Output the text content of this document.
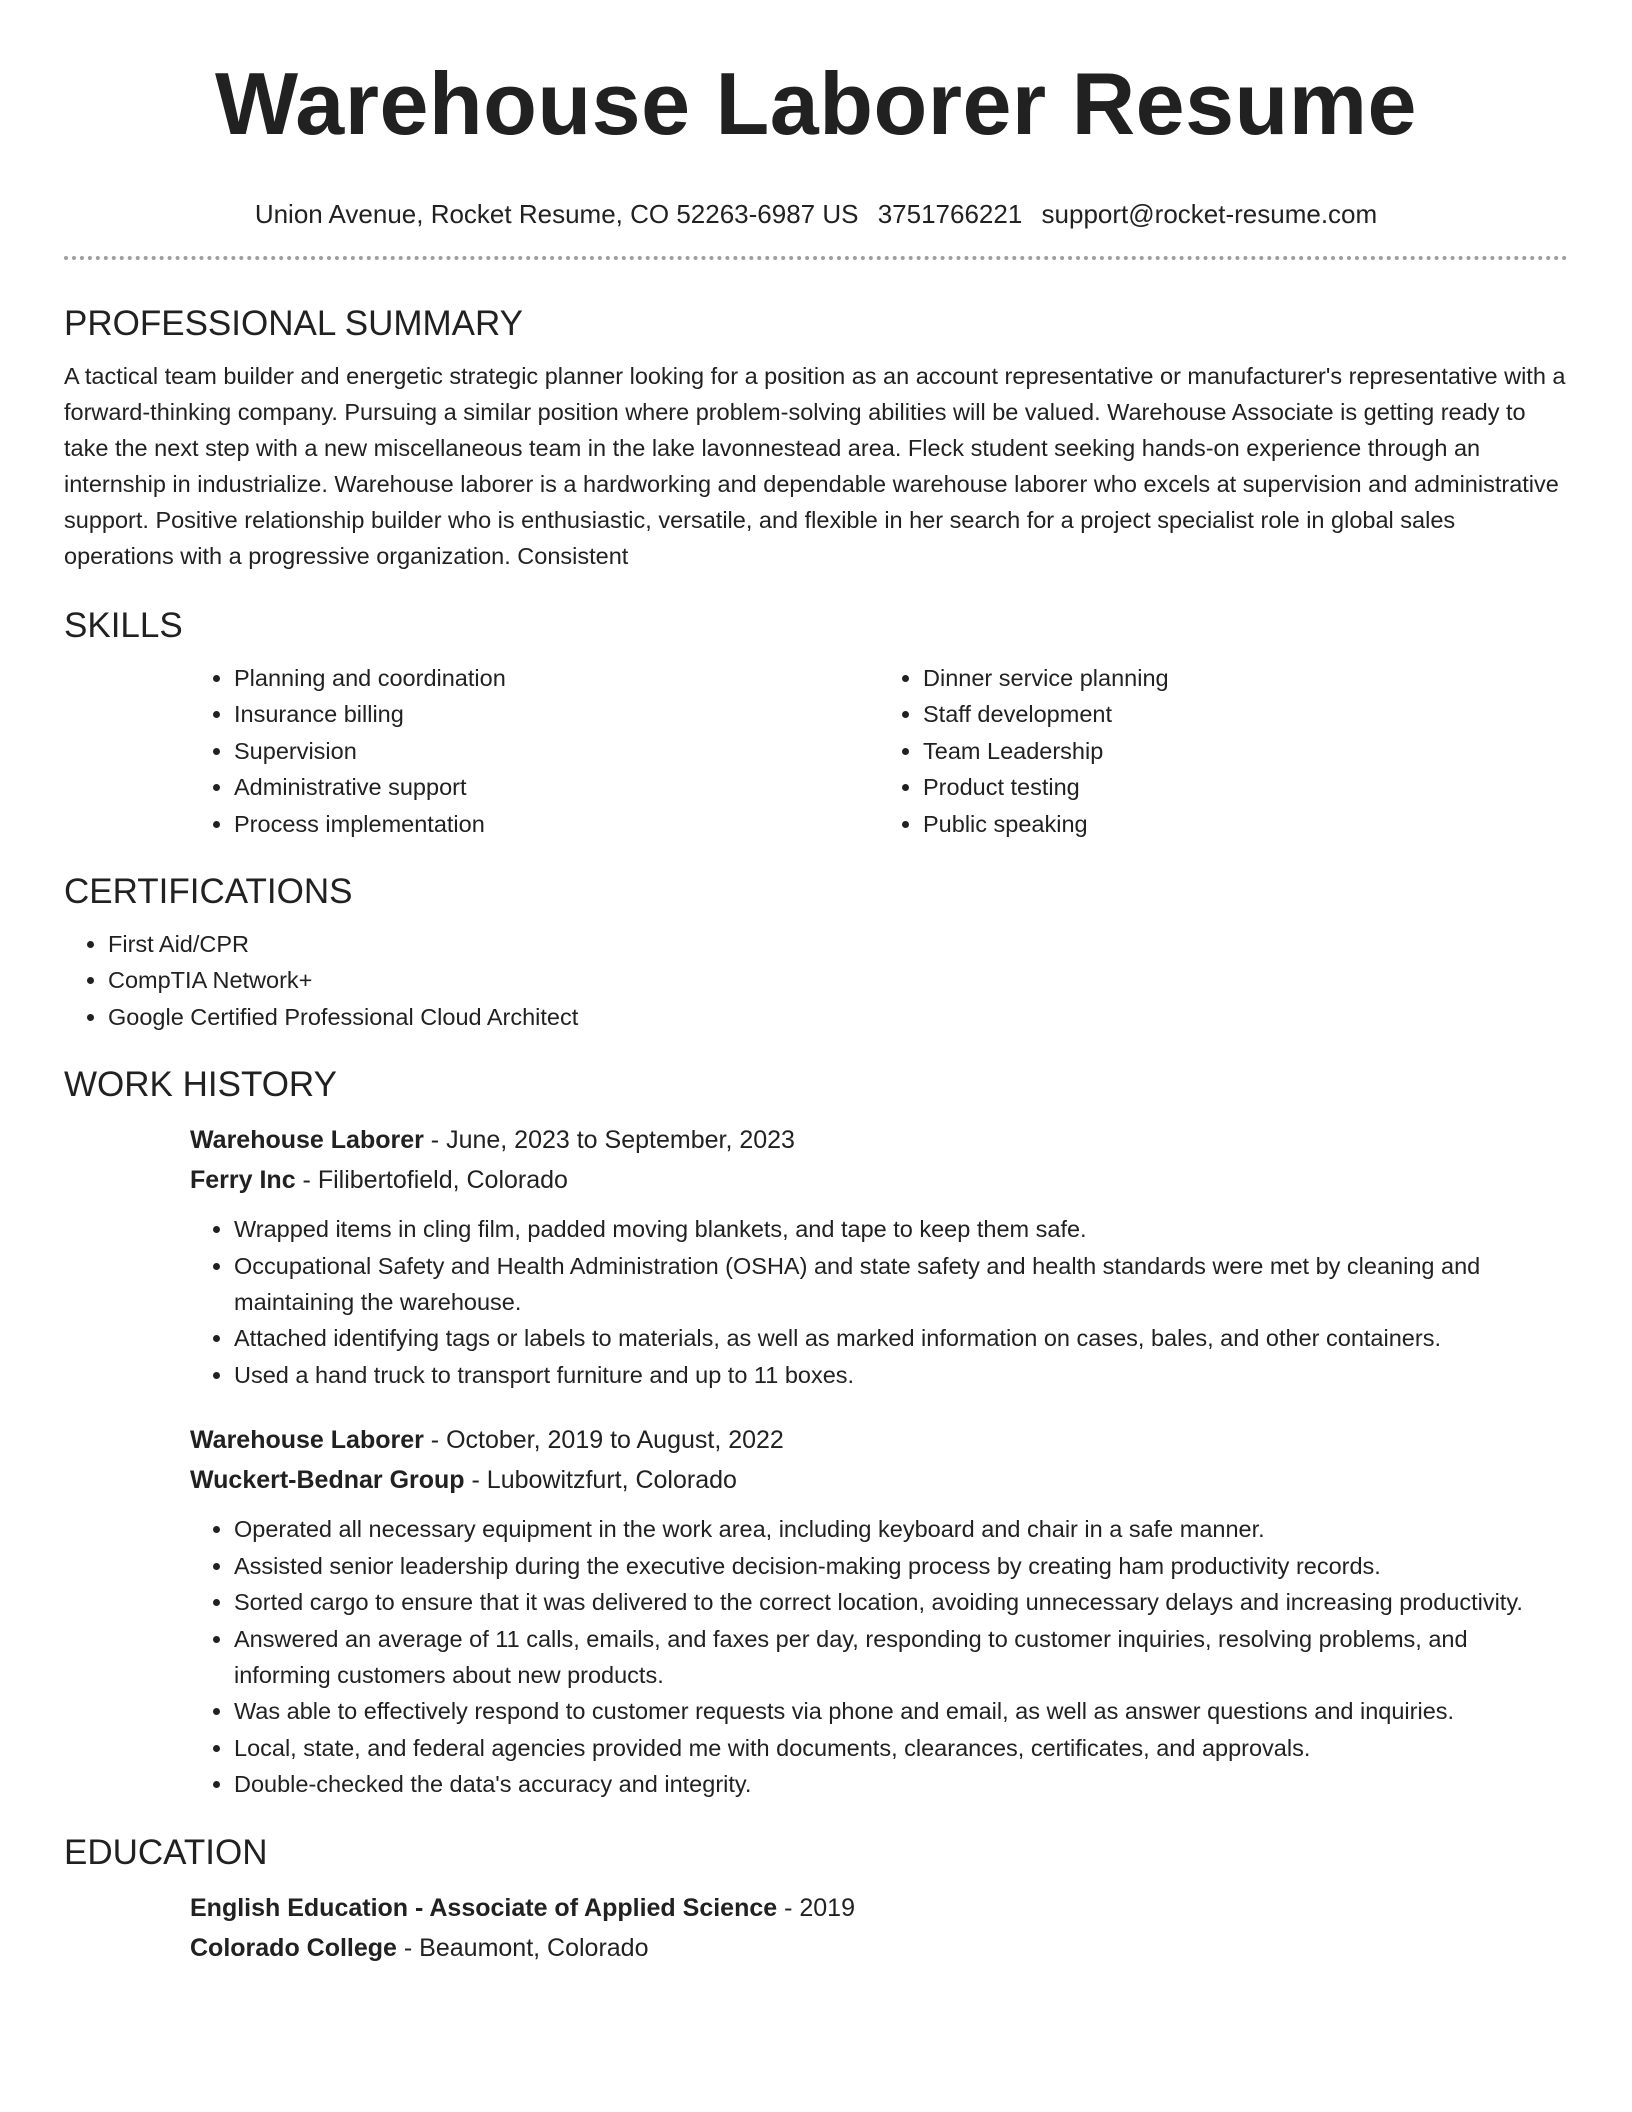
Warehouse Laborer Resume
Union Avenue, Rocket Resume, CO 52263-6987 US 3751766221 support@rocket-resume.com
PROFESSIONAL SUMMARY

A tactical team builder and energetic strategic planner looking for a position as an account representative or manufacturer's representative with a forward-thinking company. Pursuing a similar position where problem-solving abilities will be valued. Warehouse Associate is getting ready to take the next step with a new miscellaneous team in the lake lavonnestead area. Fleck student seeking hands-on experience through an internship in industrialize. Warehouse laborer is a hardworking and dependable warehouse laborer who excels at supervision and administrative support. Positive relationship builder who is enthusiastic, versatile, and flexible in her search for a project specialist role in global sales operations with a progressive organization. Consistent

SKILLS
• Planning and coordination
• Insurance billing
• Supervision
• Administrative support
• Process implementation
• Dinner service planning
• Staff development
• Team Leadership
• Product testing
• Public speaking
CERTIFICATIONS
• First Aid/CPR
• CompTIA Network+
• Google Certified Professional Cloud Architect
WORK HISTORY
Warehouse Laborer - June, 2023 to September, 2023
Ferry Inc - Filibertofield, Colorado
• Wrapped items in cling film, padded moving blankets, and tape to keep them safe.
• Occupational Safety and Health Administration (OSHA) and state safety and health standards were met by cleaning and maintaining the warehouse.
• Attached identifying tags or labels to materials, as well as marked information on cases, bales, and other containers.
• Used a hand truck to transport furniture and up to 11 boxes.
Warehouse Laborer - October, 2019 to August, 2022
Wuckert-Bednar Group - Lubowitzfurt, Colorado
• Operated all necessary equipment in the work area, including keyboard and chair in a safe manner.
• Assisted senior leadership during the executive decision-making process by creating ham productivity records.
• Sorted cargo to ensure that it was delivered to the correct location, avoiding unnecessary delays and increasing productivity.
• Answered an average of 11 calls, emails, and faxes per day, responding to customer inquiries, resolving problems, and informing customers about new products.
• Was able to effectively respond to customer requests via phone and email, as well as answer questions and inquiries.
• Local, state, and federal agencies provided me with documents, clearances, certificates, and approvals.
• Double-checked the data's accuracy and integrity.
EDUCATION
English Education - Associate of Applied Science - 2019
Colorado College - Beaumont, Colorado
